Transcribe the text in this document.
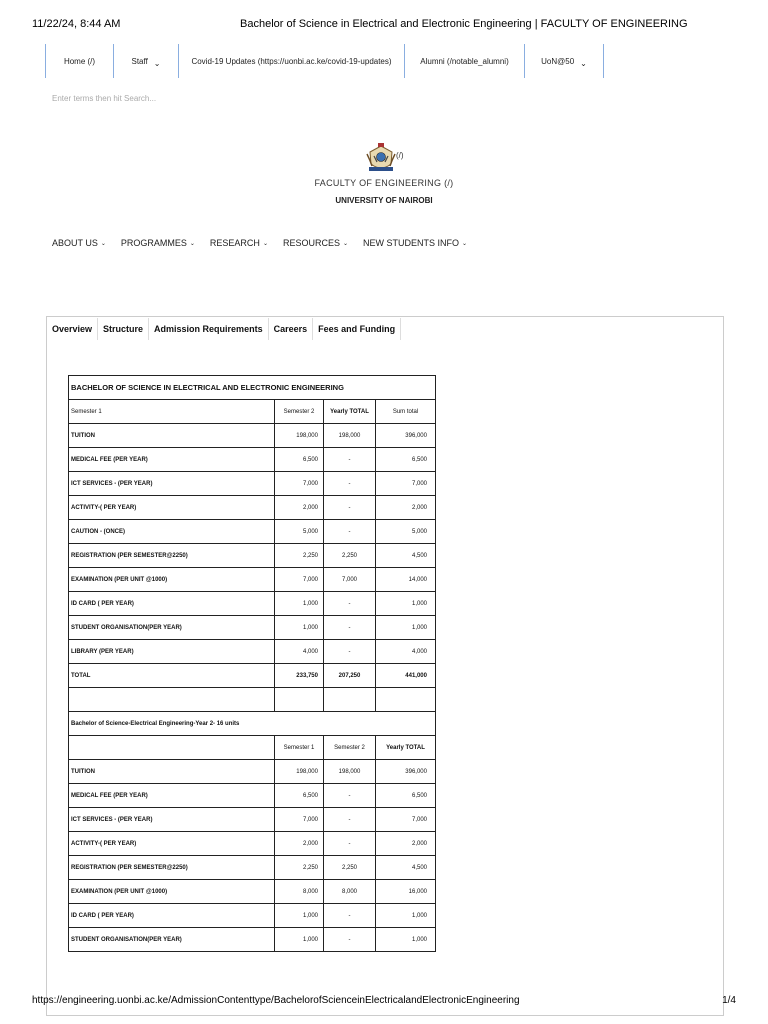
11/22/24, 8:44 AM	Bachelor of Science in Electrical and Electronic Engineering | FACULTY OF ENGINEERING
Home (/)	Staff ⌄	Covid-19 Updates (https://uonbi.ac.ke/covid-19-updates)	Alumni (/notable_alumni)	UoN@50 ⌄
Enter terms then hit Search...
(/)
FACULTY OF ENGINEERING (/)
UNIVERSITY OF NAIROBI
ABOUT US ⌄ PROGRAMMES ⌄ RESEARCH ⌄ RESOURCES ⌄ NEW STUDENTS INFO ⌄
Overview	Structure	Admission Requirements	Careers	Fees and Funding
BACHELOR OF SCIENCE IN ELECTRICAL AND ELECTRONIC ENGINEERING			
Semester 1	Semester 2	Yearly TOTAL	Sum total
TUITION	198,000	198,000	396,000
MEDICAL FEE (PER YEAR)	6,500	-	6,500
ICT SERVICES - (PER YEAR)	7,000	-	7,000
ACTIVITY-( PER YEAR)	2,000	-	2,000
CAUTION - (ONCE)	5,000	-	5,000
REGISTRATION (PER SEMESTER@2250)	2,250	2,250	4,500
EXAMINATION (PER UNIT @1000)	7,000	7,000	14,000
ID CARD ( PER YEAR)	1,000	-	1,000
STUDENT ORGANISATION(PER YEAR)	1,000	-	1,000
LIBRARY (PER YEAR)	4,000	-	4,000
TOTAL	233,750	207,250	441,000

Bachelor of Science-Electrical Engineering-Year 2- 16 units			
	Semester 1	Semester 2	Yearly TOTAL
TUITION	198,000	198,000	396,000
MEDICAL FEE (PER YEAR)	6,500	-	6,500
ICT SERVICES - (PER YEAR)	7,000	-	7,000
ACTIVITY-( PER YEAR)	2,000	-	2,000
REGISTRATION (PER SEMESTER@2250)	2,250	2,250	4,500
EXAMINATION (PER UNIT @1000)	8,000	8,000	16,000
ID CARD ( PER YEAR)	1,000	-	1,000
STUDENT ORGANISATION(PER YEAR)	1,000	-	1,000
https://engineering.uonbi.ac.ke/AdmissionContenttype/BachelorofScienceinElectricalandElectronicEngineering	1/4
